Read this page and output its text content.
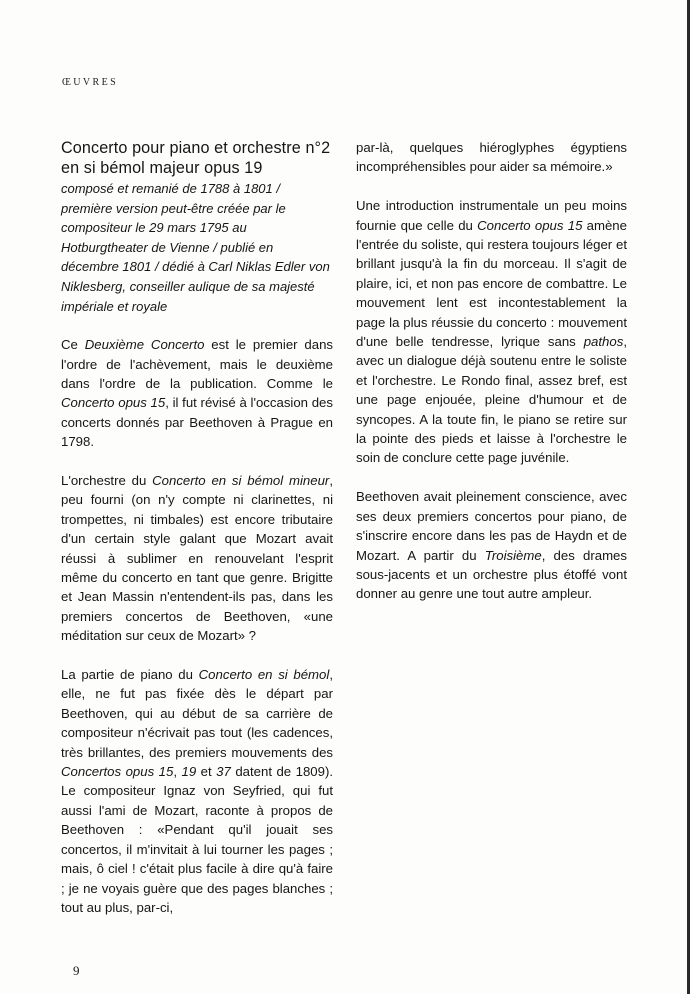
ŒUVRES
Concerto pour piano et orchestre n°2 en si bémol majeur opus 19

composé et remanié de 1788 à 1801 / première version peut-être créée par le compositeur le 29 mars 1795 au Hotburgtheater de Vienne / publié en décembre 1801 / dédié à Carl Niklas Edler von Niklesberg, conseiller aulique de sa majesté impériale et royale

Ce Deuxième Concerto est le premier dans l'ordre de l'achèvement, mais le deuxième dans l'ordre de la publication. Comme le Concerto opus 15, il fut révisé à l'occasion des concerts donnés par Beethoven à Prague en 1798.

L'orchestre du Concerto en si bémol mineur, peu fourni (on n'y compte ni clarinettes, ni trompettes, ni timbales) est encore tributaire d'un certain style galant que Mozart avait réussi à sublimer en renouvelant l'esprit même du concerto en tant que genre. Brigitte et Jean Massin n'entendent-ils pas, dans les premiers concertos de Beethoven, «une méditation sur ceux de Mozart» ?

La partie de piano du Concerto en si bémol, elle, ne fut pas fixée dès le départ par Beethoven, qui au début de sa carrière de compositeur n'écrivait pas tout (les cadences, très brillantes, des premiers mouvements des Concertos opus 15, 19 et 37 datent de 1809). Le compositeur Ignaz von Seyfried, qui fut aussi l'ami de Mozart, raconte à propos de Beethoven : «Pendant qu'il jouait ses concertos, il m'invitait à lui tourner les pages ; mais, ô ciel ! c'était plus facile à dire qu'à faire ; je ne voyais guère que des pages blanches ; tout au plus, par-ci,

par-là, quelques hiéroglyphes égyptiens incompréhensibles pour aider sa mémoire.»

Une introduction instrumentale un peu moins fournie que celle du Concerto opus 15 amène l'entrée du soliste, qui restera toujours léger et brillant jusqu'à la fin du morceau. Il s'agit de plaire, ici, et non pas encore de combattre. Le mouvement lent est incontestablement la page la plus réussie du concerto : mouvement d'une belle tendresse, lyrique sans pathos, avec un dialogue déjà soutenu entre le soliste et l'orchestre. Le Rondo final, assez bref, est une page enjouée, pleine d'humour et de syncopes. A la toute fin, le piano se retire sur la pointe des pieds et laisse à l'orchestre le soin de conclure cette page juvénile.

Beethoven avait pleinement conscience, avec ses deux premiers concertos pour piano, de s'inscrire encore dans les pas de Haydn et de Mozart. A partir du Troisième, des drames sous-jacents et un orchestre plus étoffé vont donner au genre une tout autre ampleur.

9
